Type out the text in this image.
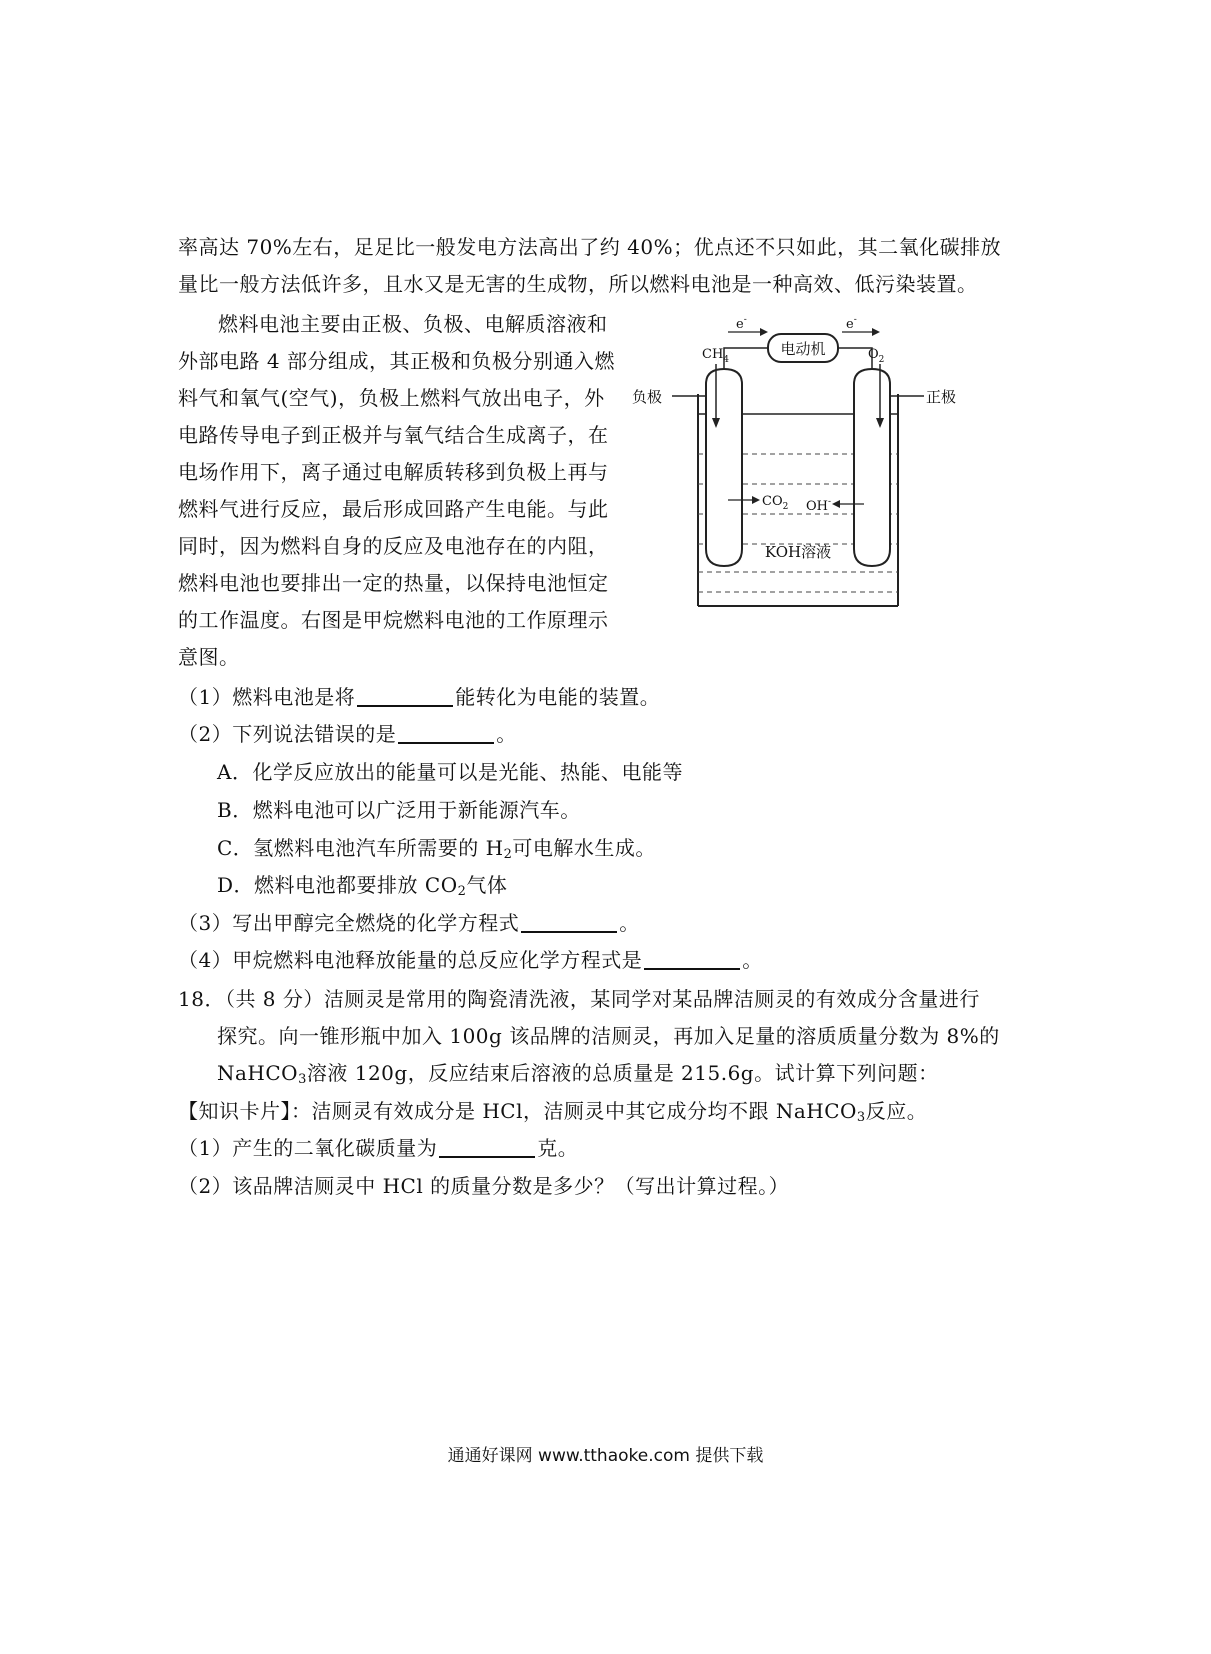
率高达 70%左右，足足比一般发电方法高出了约 40%；优点还不只如此，其二氧化碳排放
量比一般方法低许多，且水又是无害的生成物，所以燃料电池是一种高效、低污染装置。
燃料电池主要由正极、负极、电解质溶液和
外部电路 4 部分组成，其正极和负极分别通入燃
料气和氧气(空气)，负极上燃料气放出电子，外
电路传导电子到正极并与氧气结合生成离子，在
电场作用下，离子通过电解质转移到负极上再与
燃料气进行反应，最后形成回路产生电能。与此
同时，因为燃料自身的反应及电池存在的内阻，
燃料电池也要排出一定的热量，以保持电池恒定
的工作温度。右图是甲烷燃料电池的工作原理示
意图。
电动机
e-	e-
$CH_4$	$O_2$
负极	正极
$CO_2$ OH-
KOH溶液
（1）燃料电池是将	能转化为电能的装置。
（2）下列说法错误的是	。
A．化学反应放出的能量可以是光能、热能、电能等
B．燃料电池可以广泛用于新能源汽车。
C．氢燃料电池汽车所需要的 $H_2$可电解水生成。
D．燃料电池都要排放 $CO_2$气体
（3）写出甲醇完全燃烧的化学方程式	。
（4）甲烷燃料电池释放能量的总反应化学方程式是	。
18．（共 8 分）洁厕灵是常用的陶瓷清洗液，某同学对某品牌洁厕灵的有效成分含量进行
探究。向一锥形瓶中加入 100g 该品牌的洁厕灵，再加入足量的溶质质量分数为 8%的
NaHCO$_3$溶液 120g，反应结束后溶液的总质量是 215.6g。试计算下列问题：
【知识卡片】：洁厕灵有效成分是 HCl，洁厕灵中其它成分均不跟 NaHCO$_3$反应。
（1）产生的二氧化碳质量为	克。
（2）该品牌洁厕灵中 HCl 的质量分数是多少？（写出计算过程。）
通通好课网 www.tthaoke.com 提供下载
